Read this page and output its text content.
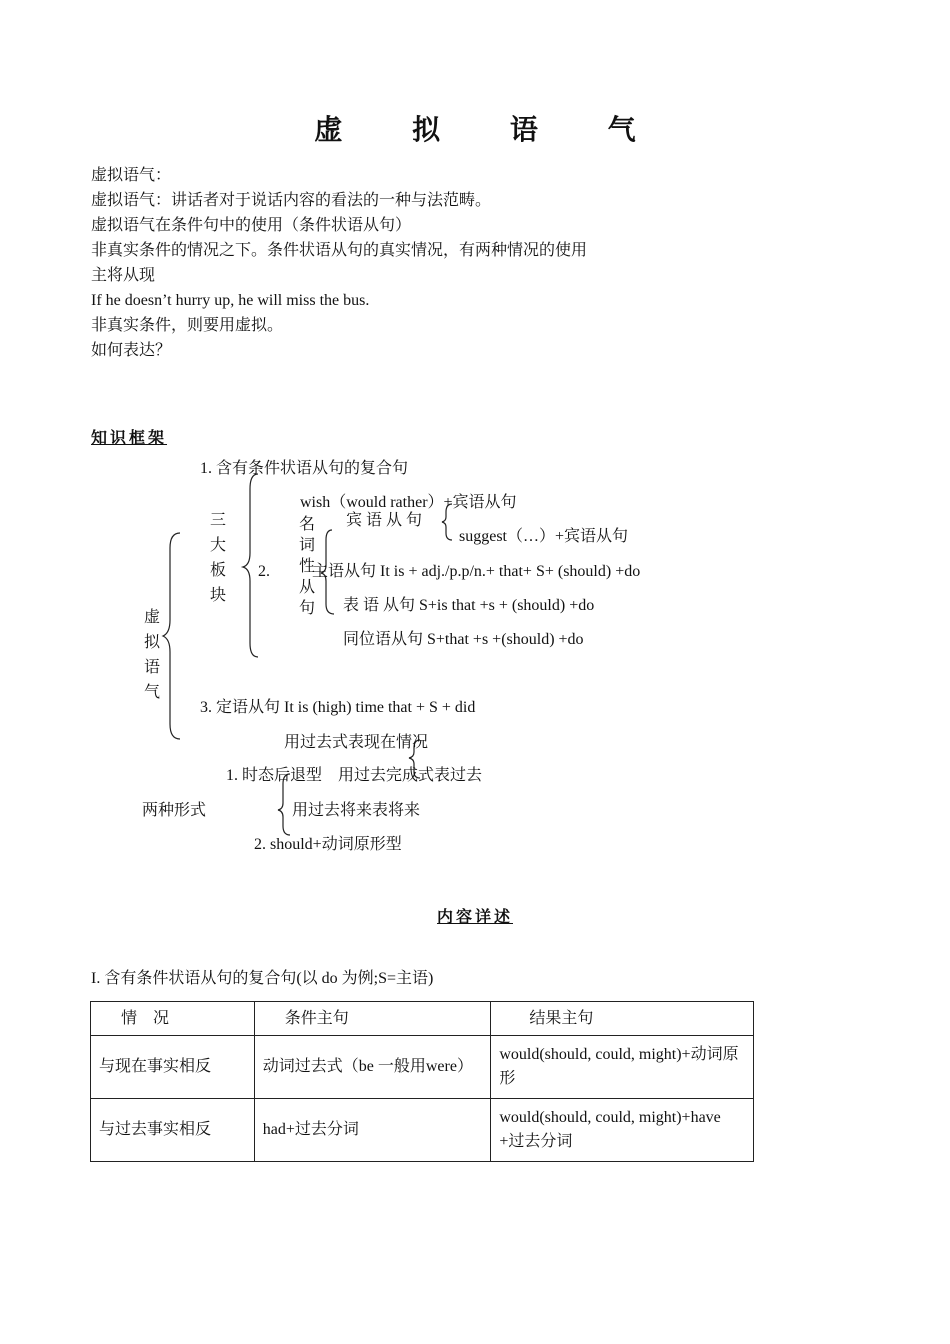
虚 拟 语 气
虚拟语气：
虚拟语气：讲话者对于说话内容的看法的一种与法范畴。
虚拟语气在条件句中的使用（条件状语从句）
非真实条件的情况之下。条件状语从句的真实情况，有两种情况的使用
主将从现
If he doesn’t hurry up, he will miss the bus.
非真实条件，则要用虚拟。
如何表达？
知识框架
1. 含有条件状语从句的复合句
虚拟语气
三大板块
2.
名词性从句
wish（would rather）+宾语从句
宾 语 从 句
suggest（…）+宾语从句
主语从句 It is + adj./p.p/n.+ that+ S+ (should) +do
表 语 从句 S+is that +s + (should) +do
同位语从句 S+that +s +(should) +do
3. 定语从句 It is (high) time that + S + did
用过去式表现在情况
1. 时态后退型 用过去完成式表过去
两种形式	用过去将来表将来
2. should+动词原形型
内容详述
I. 含有条件状语从句的复合句(以 do 为例;S=主语)
情　况	条件主句	结果主句
与现在事实相反	动词过去式（be 一般用were）	would(should, could, might)+动词原形
与过去事实相反	had+过去分词	would(should, could, might)+have +过去分词
